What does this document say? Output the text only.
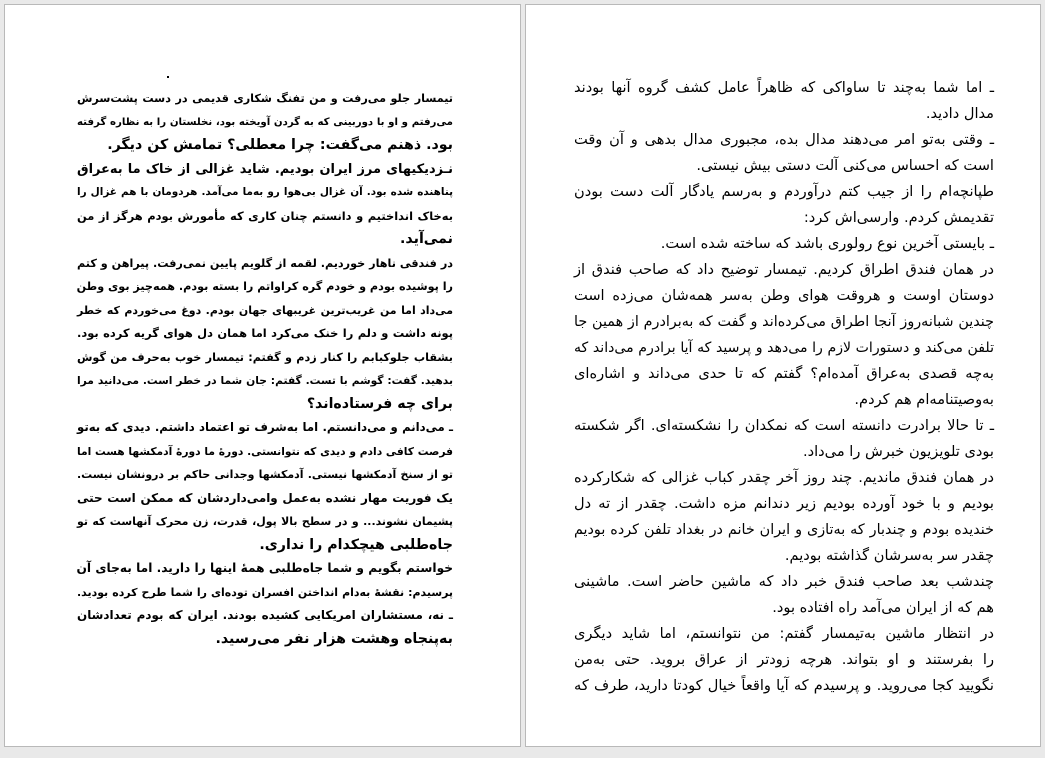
تیمسار جلو می‌رفت و من تفنگ شکاری قدیمی در دست پشت‌سرش
می‌رفتم و او با دوربینی که به گردن آویخته بود، نخلستان را به نظاره گرفته
بود. ذهنم می‌گفت: چرا معطلی؟ تمامش کن دیگر.
نـزدیکیهای مرز ایران بودیم. شاید غزالی از خاک ما به‌عراق
پناهنده شده بود. آن غزال بی‌هوا رو به‌ما می‌آمد. هردومان با هم غزال را
به‌خاک انداختیم و دانستم چنان کاری که مأمورش بودم هرگز از من
نمی‌آید.
در فندقی ناهار خوردیم. لقمه از گلویم پایین نمی‌رفت. پیراهن و کتم
را پوشیده بودم و خودم گره کراواتم را بسته بودم. همه‌چیز بوی وطن
می‌داد اما من غریب‌ترین غریبهای جهان بودم. دوغ می‌خوردم که خطر
پونه داشت و دلم را خنک می‌کرد اما همان دل هوای گریه کرده بود.
بشقاب جلوکبابم را کنار زدم و گفتم: تیمسار خوب به‌حرف من گوش
بدهید. گفت: گوشم با تست. گفتم: جان شما در خطر است. می‌دانید مرا
برای چه فرستاده‌اند؟
ـ می‌دانم و می‌دانستم. اما به‌شرف تو اعتماد داشتم. دیدی که به‌تو
فرصت کافی دادم و دیدی که نتوانستی. دورۀ ما دورۀ آدمکشها هست اما
تو از سنخ آدمکشها نیستی. آدمکشها وجدانی حاکم بر درونشان نیست.
یک فوریت مهار نشده به‌عمل وامی‌داردشان که ممکن است حتی
پشیمان نشوند... و در سطح بالا پول، قدرت، زن محرک آنهاست که تو
جاه‌طلبی هیچکدام را نداری.
خواستم بگویم و شما جاه‌طلبی همۀ اینها را دارید. اما به‌جای آن
پرسیدم: نقشۀ به‌دام انداختن افسران توده‌ای را شما طرح کرده بودید.
ـ نه، مستشاران امریکایی کشیده بودند. ایران که بودم تعدادشان
به‌پنجاه وهشت هزار نفر می‌رسید.
ـ اما شما به‌چند تا ساواکی که ظاهراً عامل کشف گروه آنها بودند
مدال دادید.
ـ وقتی به‌تو امر می‌دهند مدال بده، مجبوری مدال بدهی و آن وقت
است که احساس می‌کنی آلت دستی بیش نیستی.
طپانچه‌ام را از جیب کتم درآوردم و به‌رسم یادگار آلت دست بودن
تقدیمش کردم. وارسی‌اش کرد:
ـ بایستی آخرین نوع رولوری باشد که ساخته شده است.
در همان فندق اطراق کردیم. تیمسار توضیح داد که صاحب فندق از
دوستان اوست و هروقت هوای وطن به‌سر همه‌شان می‌زده است
چندین شبانه‌روز آنجا اطراق می‌کرده‌اند و گفت که به‌برادرم از همین جا
تلفن می‌کند و دستورات لازم را می‌دهد و پرسید که آیا برادرم می‌داند که
به‌چه قصدی به‌عراق آمده‌ام؟ گفتم که تا حدی می‌داند و اشاره‌ای
به‌وصیتنامه‌ام هم کردم.
ـ تا حالا برادرت دانسته است که نمکدان را نشکسته‌ای. اگر شکسته
بودی تلویزیون خبرش را می‌داد.
در همان فندق ماندیم. چند روز آخر چقدر کباب غزالی که شکارکرده
بودیم و با خود آورده بودیم زیر دندانم مزه داشت. چقدر از ته دل
خندیده بودم و چندبار که به‌تازی و ایران خانم در بغداد تلفن کرده بودیم
چقدر سر به‌سرشان گذاشته بودیم.
چندشب بعد صاحب فندق خبر داد که ماشین حاضر است. ماشینی
هم که از ایران می‌آمد راه افتاده بود.
در انتظار ماشین به‌تیمسار گفتم: من نتوانستم، اما شاید دیگری
را بفرستند و او بتواند. هرچه زودتر از عراق بروید. حتی به‌من
نگویید کجا می‌روید. و پرسیدم که آیا واقعاً خیال کودتا دارید، طرف که
